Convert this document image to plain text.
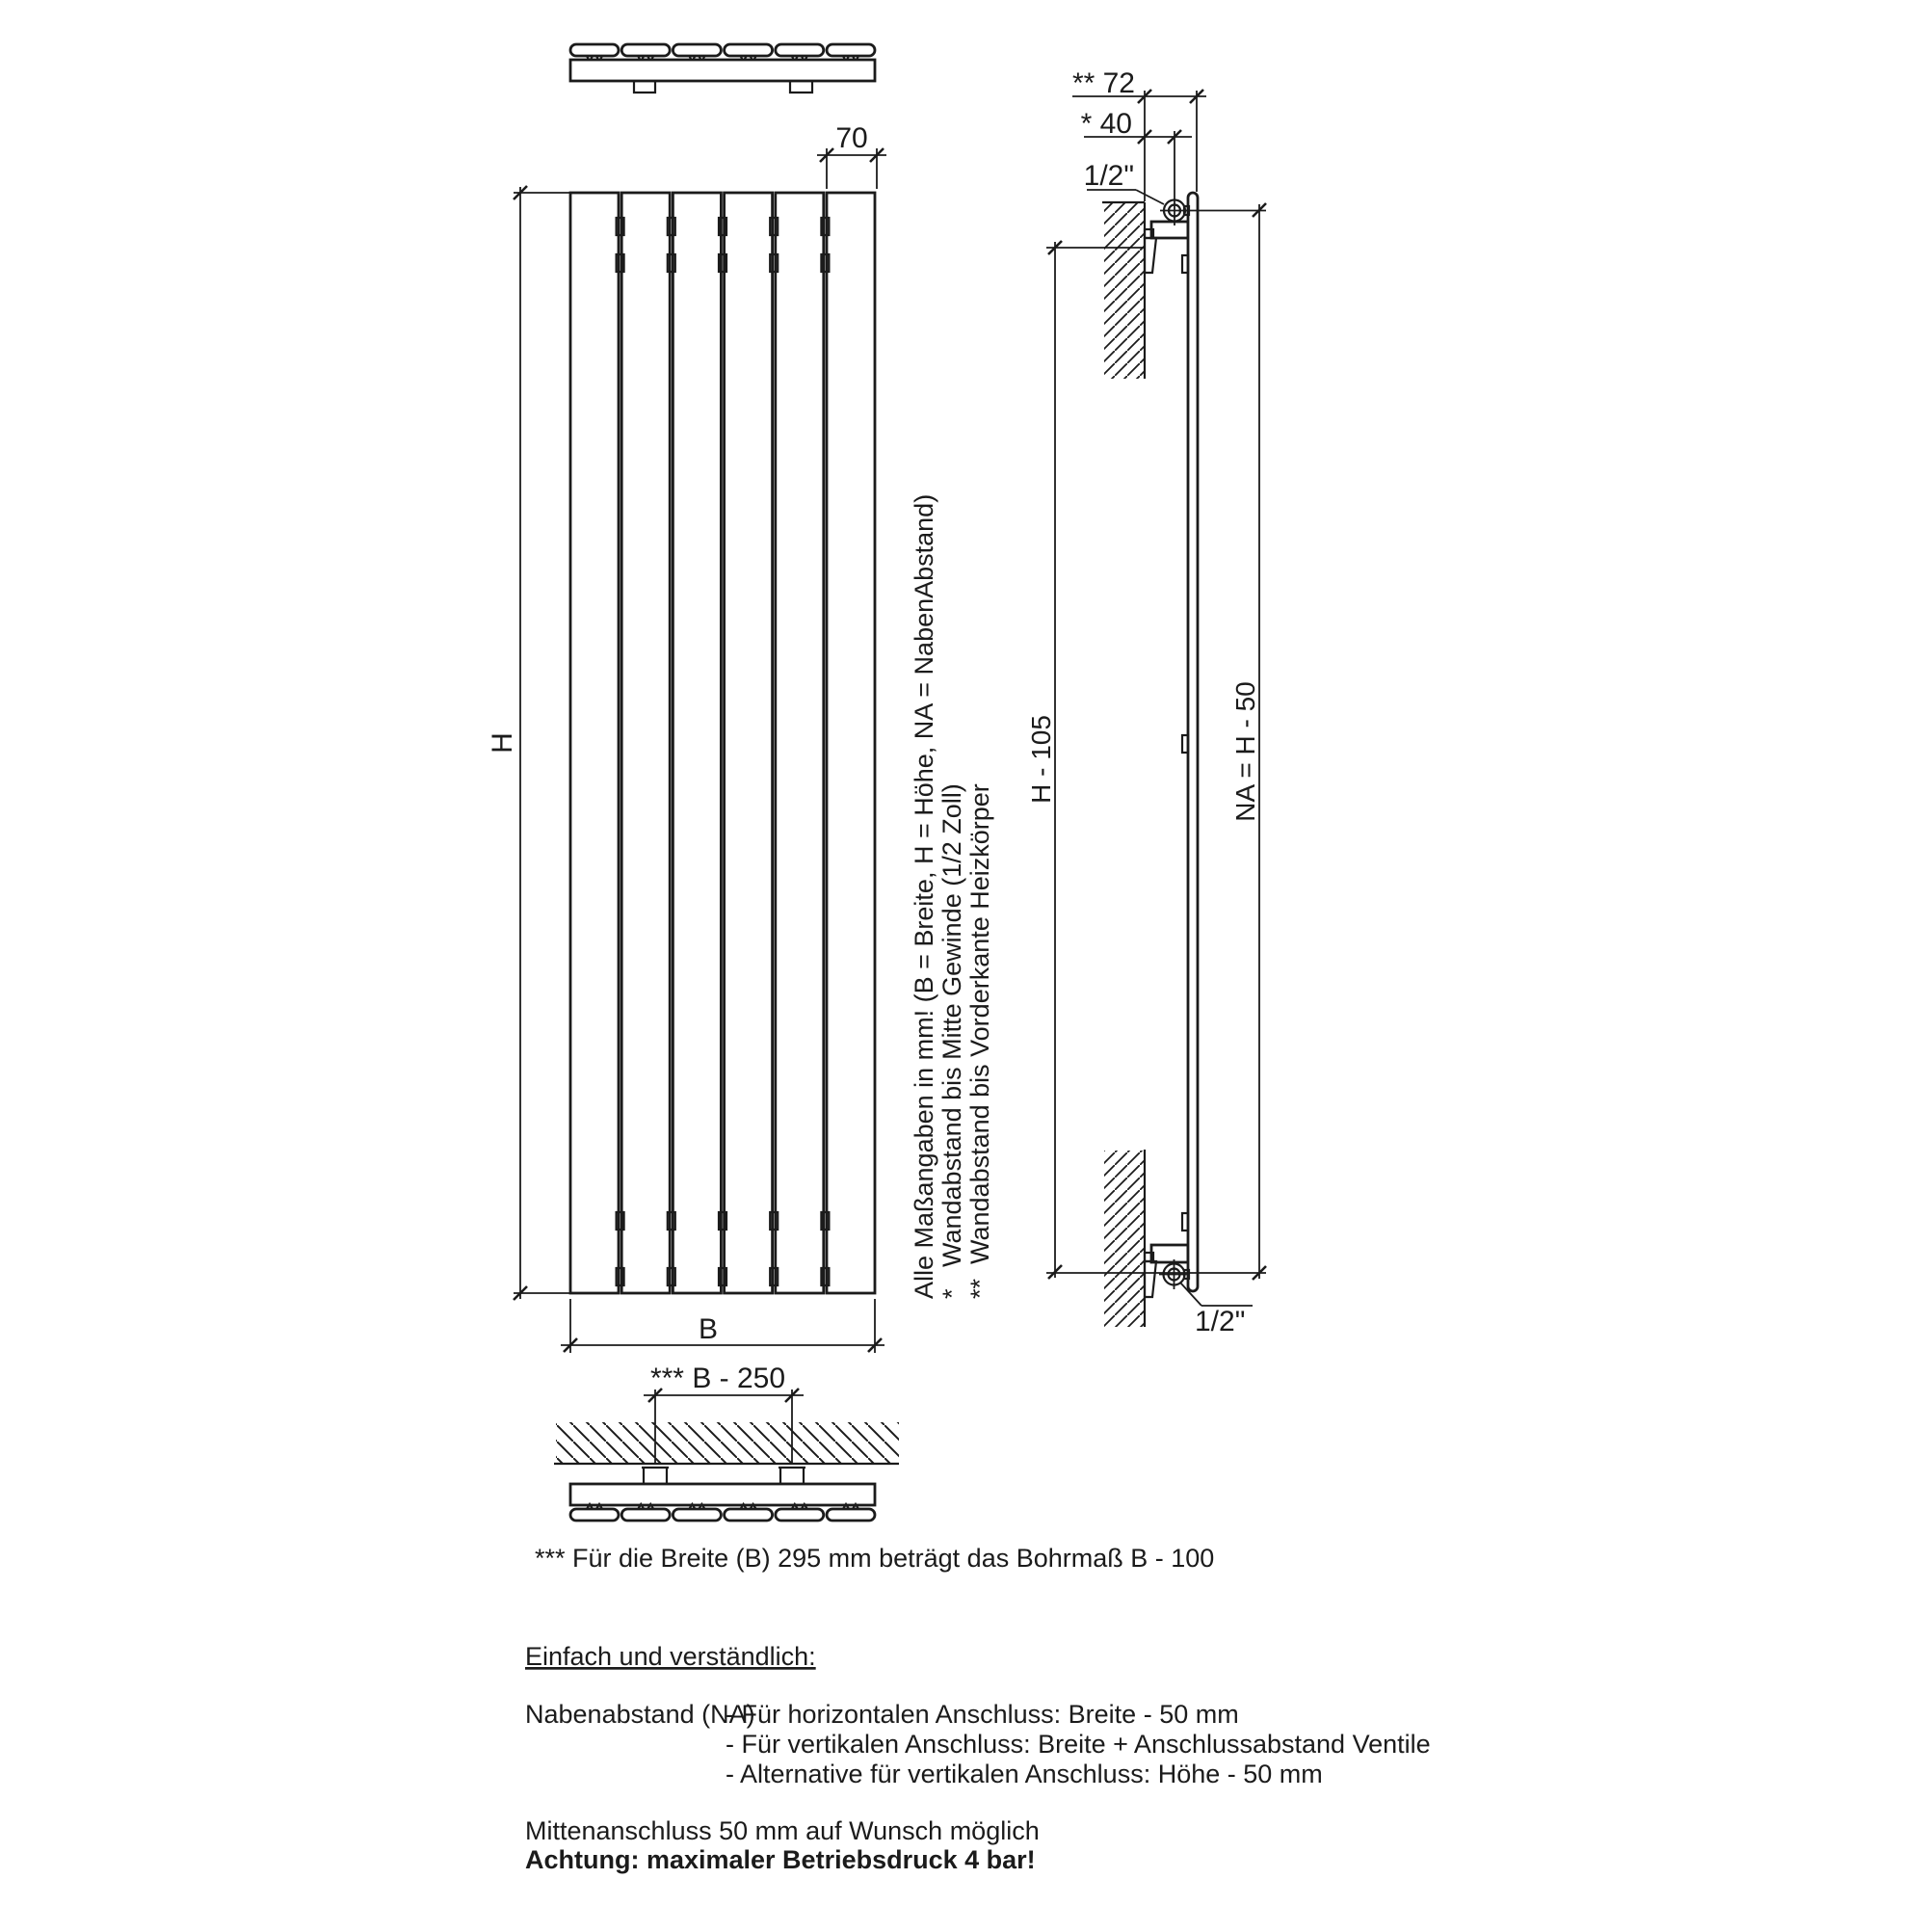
H
70
B
Alle Maßangaben in mm! (B = Breite, H = Höhe, NA = NabenAbstand) *   Wandabstand bis Mitte Gewinde (1/2 Zoll) **  Wandabstand bis Vorderkante Heizkörper
** 72
* 40
1/2"
H - 105	NA = H - 50
1/2"
*** B - 250
*** Für die Breite (B) 295 mm beträgt das Bohrmaß B - 100
Einfach und verständlich:
Nabenabstand (NA)
- Für horizontalen Anschluss: Breite - 50 mm
- Für vertikalen Anschluss: Breite + Anschlussabstand Ventile
- Alternative für vertikalen Anschluss: Höhe - 50 mm
Mittenanschluss 50 mm auf Wunsch möglich
Achtung: maximaler Betriebsdruck 4 bar!
